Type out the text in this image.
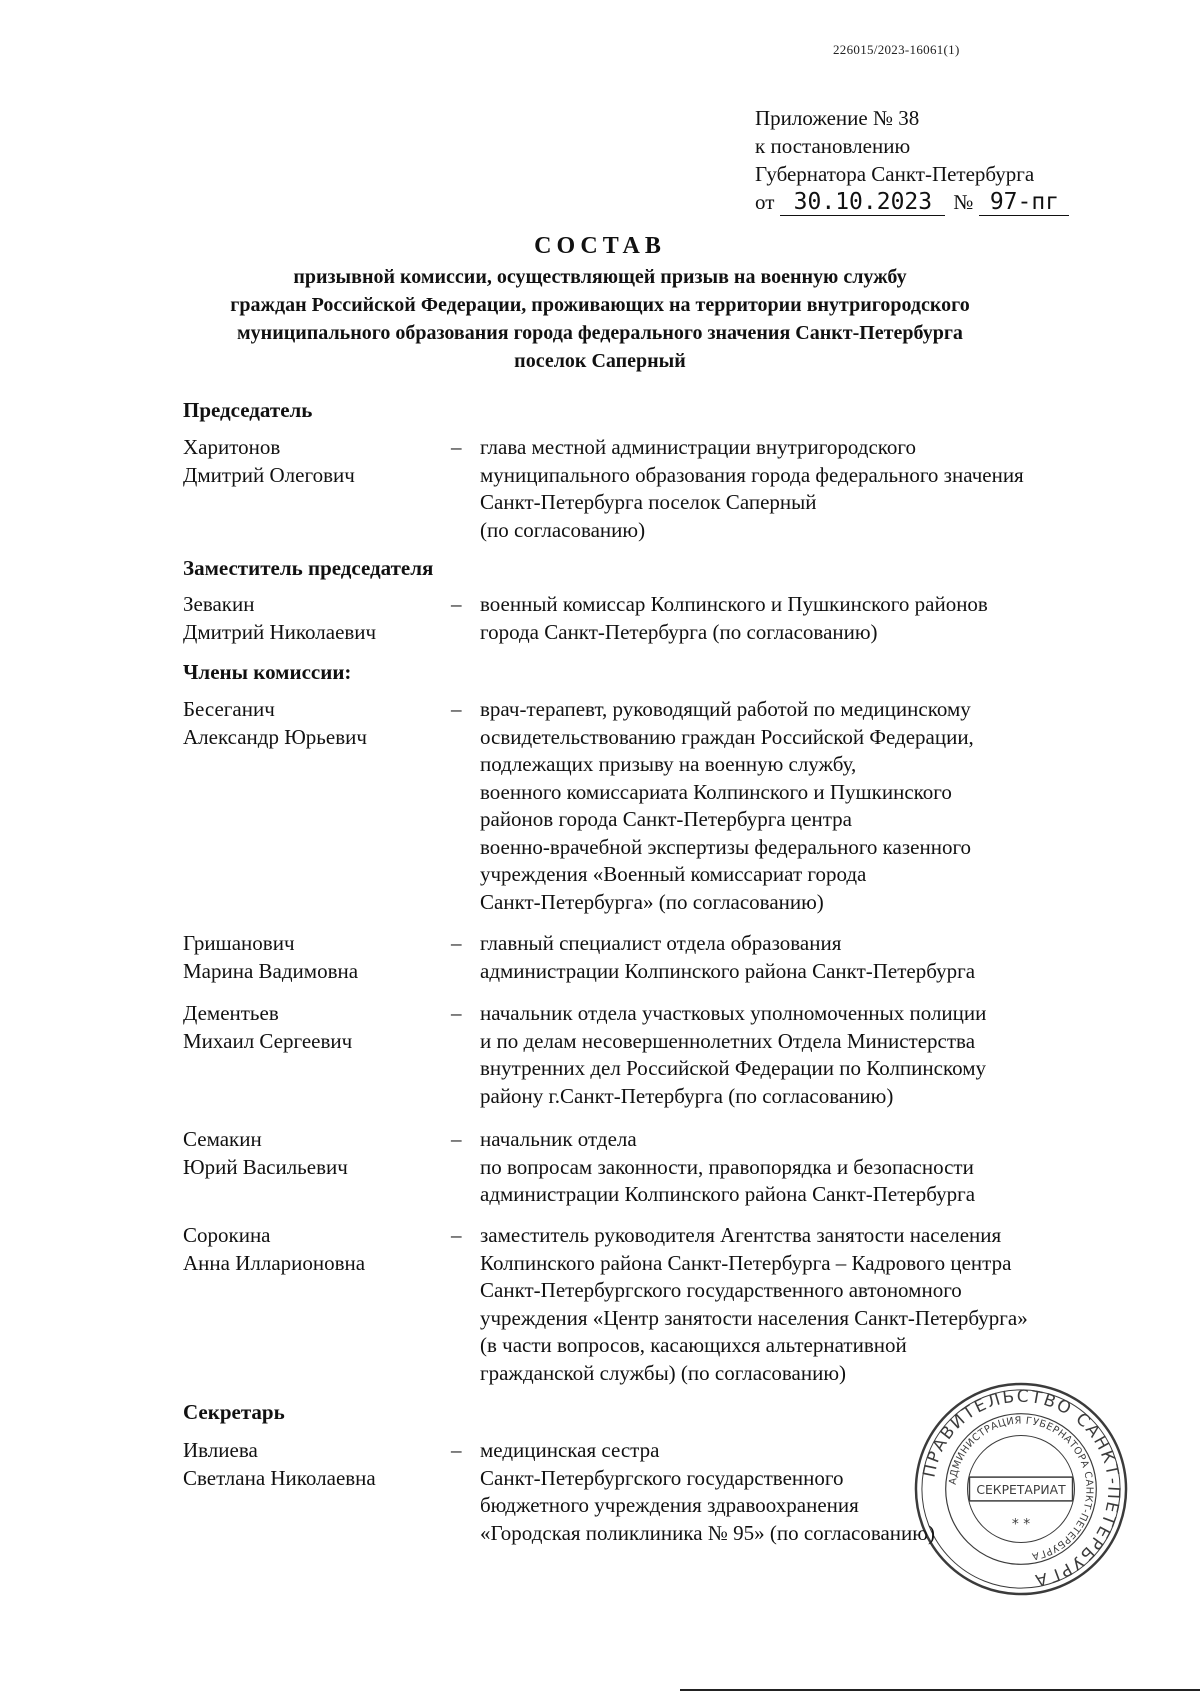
226015/2023-16061(1)
Приложение № 38
к постановлению
Губернатора Санкт-Петербурга
от 30.10.2023	№ 97-пг
СОСТАВ
призывной комиссии, осуществляющей призыв на военную службу
граждан Российской Федерации, проживающих на территории внутригородского
муниципального образования города федерального значения Санкт-Петербурга
поселок Саперный
Председатель
Харитонов
Дмитрий Олегович
– глава местной администрации внутригородского
муниципального образования города федерального значения
Санкт-Петербурга поселок Саперный
(по согласованию)
Заместитель председателя
Зевакин
Дмитрий Николаевич
– военный комиссар Колпинского и Пушкинского районов
города Санкт-Петербурга (по согласованию)
Члены комиссии:
Бесеганич
Александр Юрьевич
– врач-терапевт, руководящий работой по медицинскому
освидетельствованию граждан Российской Федерации,
подлежащих призыву на военную службу,
военного комиссариата Колпинского и Пушкинского
районов города Санкт-Петербурга центра
военно-врачебной экспертизы федерального казенного
учреждения «Военный комиссариат города
Санкт-Петербурга» (по согласованию)
Гришанович
Марина Вадимовна
– главный специалист отдела образования
администрации Колпинского района Санкт-Петербурга
Дементьев
Михаил Сергеевич
– начальник отдела участковых уполномоченных полиции
и по делам несовершеннолетних Отдела Министерства
внутренних дел Российской Федерации по Колпинскому
району г.Санкт-Петербурга (по согласованию)
Семакин
Юрий Васильевич
– начальник отдела
по вопросам законности, правопорядка и безопасности
администрации Колпинского района Санкт-Петербурга
Сорокина
Анна Илларионовна
– заместитель руководителя Агентства занятости населения
Колпинского района Санкт-Петербурга – Кадрового центра
Санкт-Петербургского государственного автономного
учреждения «Центр занятости населения Санкт-Петербурга»
(в части вопросов, касающихся альтернативной
гражданской службы) (по согласованию)
Секретарь
Ивлиева
Светлана Николаевна
– медицинская сестра
Санкт-Петербургского государственного
бюджетного учреждения здравоохранения
«Городская поликлиника № 95» (по согласованию)
ПРАВИТЕЛЬСТВО САНКТ-ПЕТЕРБУРГА
АДМИНИСТРАЦИЯ ГУБЕРНАТОРА САНКТ-ПЕТЕРБУРГА
СЕКРЕТАРИАТ
* *
